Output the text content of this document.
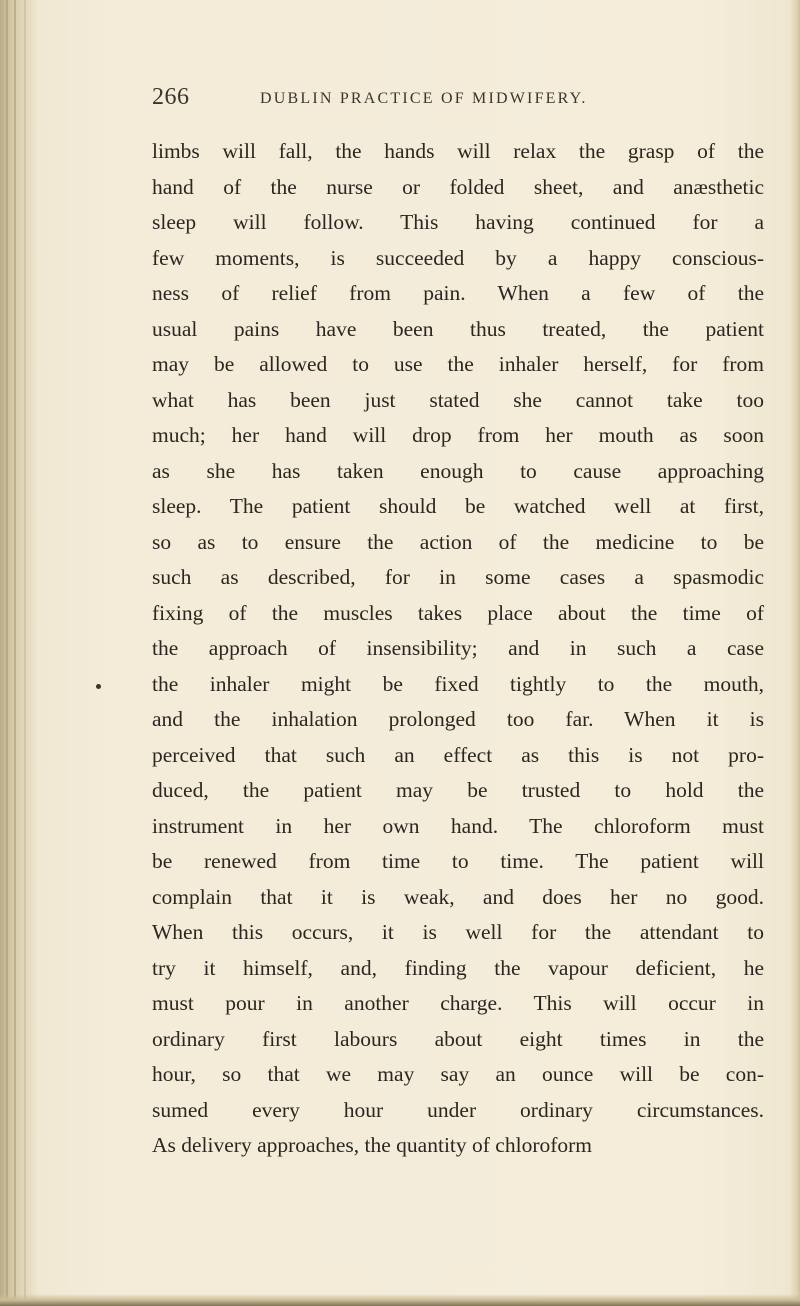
266	DUBLIN PRACTICE OF MIDWIFERY.
limbs will fall, the hands will relax the grasp of the
hand of the nurse or folded sheet, and anæsthetic
sleep will follow. This having continued for a
few moments, is succeeded by a happy conscious-
ness of relief from pain. When a few of the
usual pains have been thus treated, the patient
may be allowed to use the inhaler herself, for from
what has been just stated she cannot take too
much; her hand will drop from her mouth as soon
as she has taken enough to cause approaching
sleep. The patient should be watched well at first,
so as to ensure the action of the medicine to be
such as described, for in some cases a spasmodic
fixing of the muscles takes place about the time of
the approach of insensibility; and in such a case
the inhaler might be fixed tightly to the mouth,
and the inhalation prolonged too far. When it is
perceived that such an effect as this is not pro-
duced, the patient may be trusted to hold the
instrument in her own hand. The chloroform must
be renewed from time to time. The patient will
complain that it is weak, and does her no good.
When this occurs, it is well for the attendant to
try it himself, and, finding the vapour deficient, he
must pour in another charge. This will occur in
ordinary first labours about eight times in the
hour, so that we may say an ounce will be con-
sumed every hour under ordinary circumstances.
As delivery approaches, the quantity of chloroform
